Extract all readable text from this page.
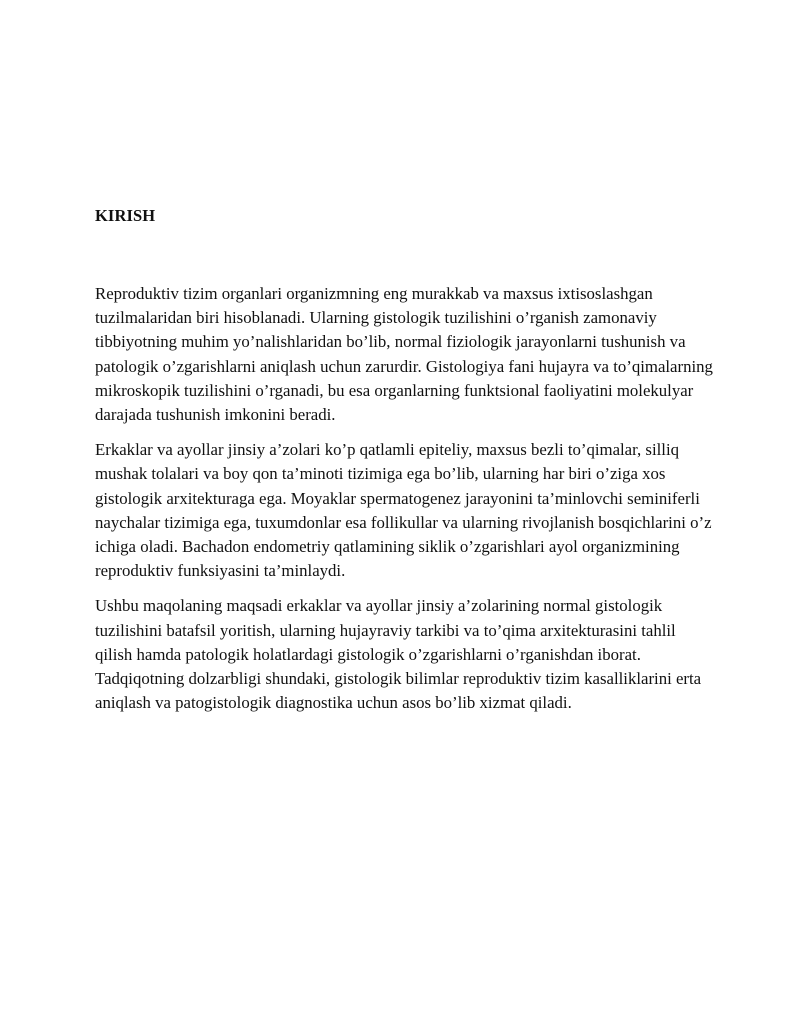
KIRISH

Reproduktiv tizim organlari organizmning eng murakkab va maxsus ixtisoslashgan tuzilmalaridan biri hisoblanadi. Ularning gistologik tuzilishini o’rganish zamonaviy tibbiyotning muhim yo’nalishlaridan bo’lib, normal fiziologik jarayonlarni tushunish va patologik o’zgarishlarni aniqlash uchun zarurdir. Gistologiya fani hujayra va to’qimalarning mikroskopik tuzilishini o’rganadi, bu esa organlarning funktsional faoliyatini molekulyar darajada tushunish imkonini beradi.

Erkaklar va ayollar jinsiy a’zolari ko’p qatlamli epiteliy, maxsus bezli to’qimalar, silliq mushak tolalari va boy qon ta’minoti tizimiga ega bo’lib, ularning har biri o’ziga xos gistologik arxitekturaga ega. Moyaklar spermatogenez jarayonini ta’minlovchi seminiferli naychalar tizimiga ega, tuxumdonlar esa follikullar va ularning rivojlanish bosqichlarini o’z ichiga oladi. Bachadon endometriy qatlamining siklik o’zgarishlari ayol organizmining reproduktiv funksiyasini ta’minlaydi.

Ushbu maqolaning maqsadi erkaklar va ayollar jinsiy a’zolarining normal gistologik tuzilishini batafsil yoritish, ularning hujayraviy tarkibi va to’qima arxitekturasini tahlil qilish hamda patologik holatlardagi gistologik o’zgarishlarni o’rganishdan iborat. Tadqiqotning dolzarbligi shundaki, gistologik bilimlar reproduktiv tizim kasalliklarini erta aniqlash va patogistologik diagnostika uchun asos bo’lib xizmat qiladi.
